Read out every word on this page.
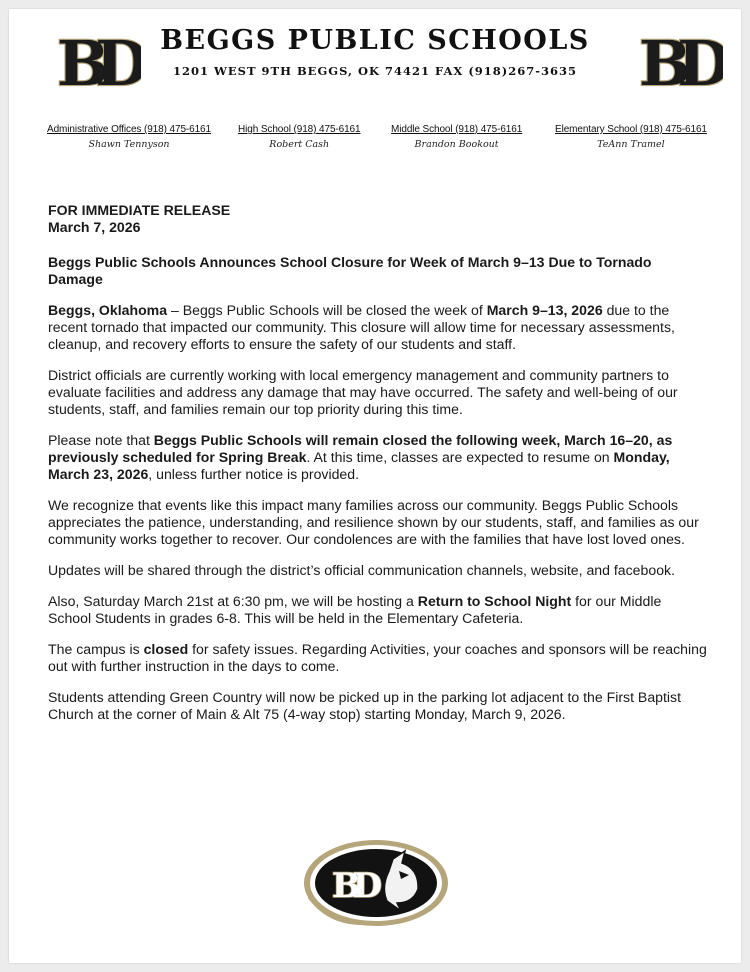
BD BEGGS PUBLIC SCHOOLS
1201 WEST 9TH BEGGS, OK 74421 FAX (918)267-3635 BD
Administrative Offices (918) 475-6161
Shawn Tennyson
High School (918) 475-6161
Robert Cash
Middle School (918) 475-6161
Brandon Bookout
Elementary School (918) 475-6161
TeAnn Tramel

FOR IMMEDIATE RELEASE

March 7, 2026

Beggs Public Schools Announces School Closure for Week of March 9–13 Due to Tornado Damage

Beggs, Oklahoma – Beggs Public Schools will be closed the week of March 9–13, 2026 due to the recent tornado that impacted our community. This closure will allow time for necessary assessments, cleanup, and recovery efforts to ensure the safety of our students and staff.

District officials are currently working with local emergency management and community partners to evaluate facilities and address any damage that may have occurred. The safety and well-being of our students, staff, and families remain our top priority during this time.

Please note that Beggs Public Schools will remain closed the following week, March 16–20, as previously scheduled for Spring Break. At this time, classes are expected to resume on Monday, March 23, 2026, unless further notice is provided.

We recognize that events like this impact many families across our community. Beggs Public Schools appreciates the patience, understanding, and resilience shown by our students, staff, and families as our community works together to recover. Our condolences are with the families that have lost loved ones.

Updates will be shared through the district’s official communication channels, website, and facebook.

Also, Saturday March 21st at 6:30 pm, we will be hosting a Return to School Night for our Middle School Students in grades 6-8. This will be held in the Elementary Cafeteria.

The campus is closed for safety issues. Regarding Activities, your coaches and sponsors will be reaching out with further instruction in the days to come.

Students attending Green Country will now be picked up in the parking lot adjacent to the First Baptist Church at the corner of Main & Alt 75 (4-way stop) starting Monday, March 9, 2026.

BD
